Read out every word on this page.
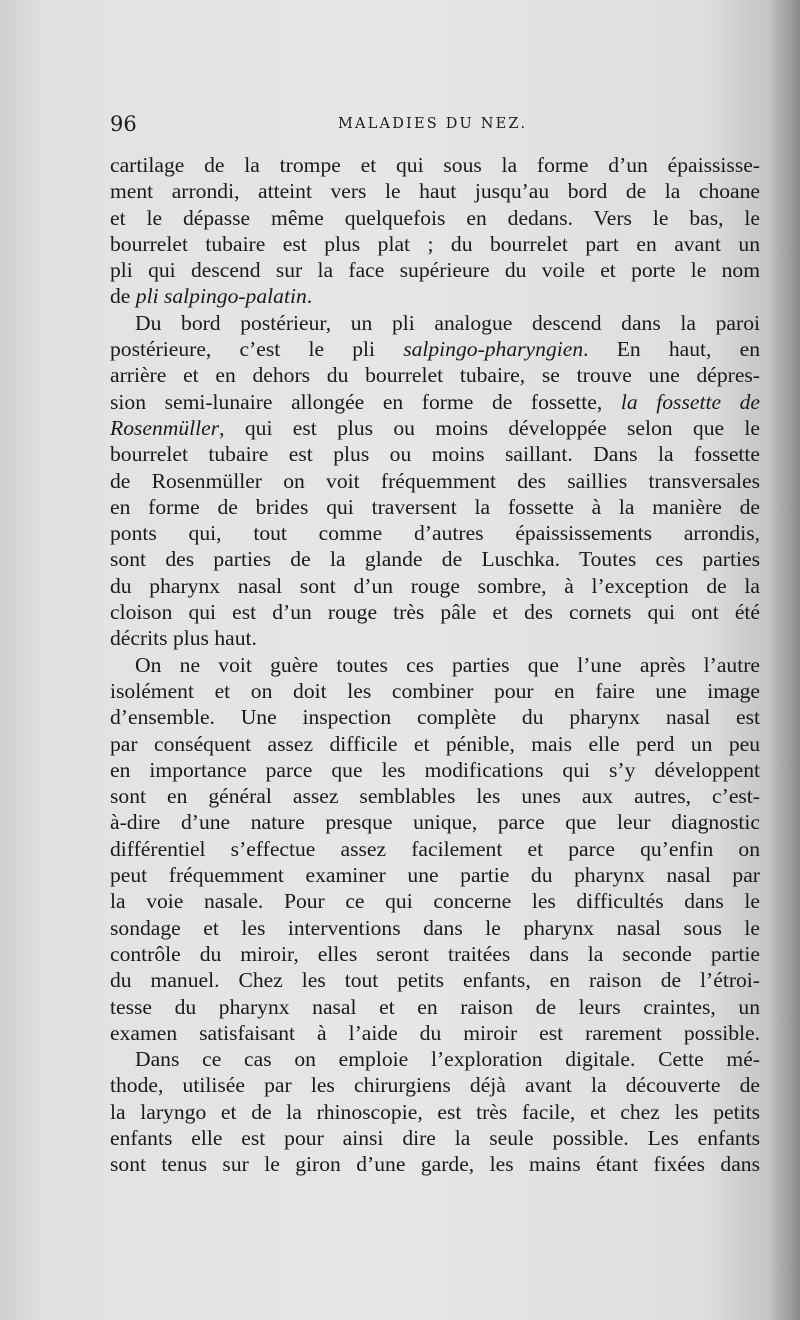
96	MALADIES DU NEZ.
cartilage de la trompe et qui sous la forme d’un épaississe-
ment arrondi, atteint vers le haut jusqu’au bord de la choane
et le dépasse même quelquefois en dedans. Vers le bas, le
bourrelet tubaire est plus plat ; du bourrelet part en avant un
pli qui descend sur la face supérieure du voile et porte le nom
de pli salpingo-palatin.
Du bord postérieur, un pli analogue descend dans la paroi
postérieure, c’est le pli salpingo-pharyngien. En haut, en
arrière et en dehors du bourrelet tubaire, se trouve une dépres-
sion semi-lunaire allongée en forme de fossette, la fossette de
Rosenmüller, qui est plus ou moins développée selon que le
bourrelet tubaire est plus ou moins saillant. Dans la fossette
de Rosenmüller on voit fréquemment des saillies transversales
en forme de brides qui traversent la fossette à la manière de
ponts qui, tout comme d’autres épaississements arrondis,
sont des parties de la glande de Luschka. Toutes ces parties
du pharynx nasal sont d’un rouge sombre, à l’exception de la
cloison qui est d’un rouge très pâle et des cornets qui ont été
décrits plus haut.
On ne voit guère toutes ces parties que l’une après l’autre
isolément et on doit les combiner pour en faire une image
d’ensemble. Une inspection complète du pharynx nasal est
par conséquent assez difficile et pénible, mais elle perd un peu
en importance parce que les modifications qui s’y développent
sont en général assez semblables les unes aux autres, c’est-
à-dire d’une nature presque unique, parce que leur diagnostic
différentiel s’effectue assez facilement et parce qu’enfin on
peut fréquemment examiner une partie du pharynx nasal par
la voie nasale. Pour ce qui concerne les difficultés dans le
sondage et les interventions dans le pharynx nasal sous le
contrôle du miroir, elles seront traitées dans la seconde partie
du manuel. Chez les tout petits enfants, en raison de l’étroi-
tesse du pharynx nasal et en raison de leurs craintes, un
examen satisfaisant à l’aide du miroir est rarement possible.
Dans ce cas on emploie l’exploration digitale. Cette mé-
thode, utilisée par les chirurgiens déjà avant la découverte de
la laryngo et de la rhinoscopie, est très facile, et chez les petits
enfants elle est pour ainsi dire la seule possible. Les enfants
sont tenus sur le giron d’une garde, les mains étant fixées dans
